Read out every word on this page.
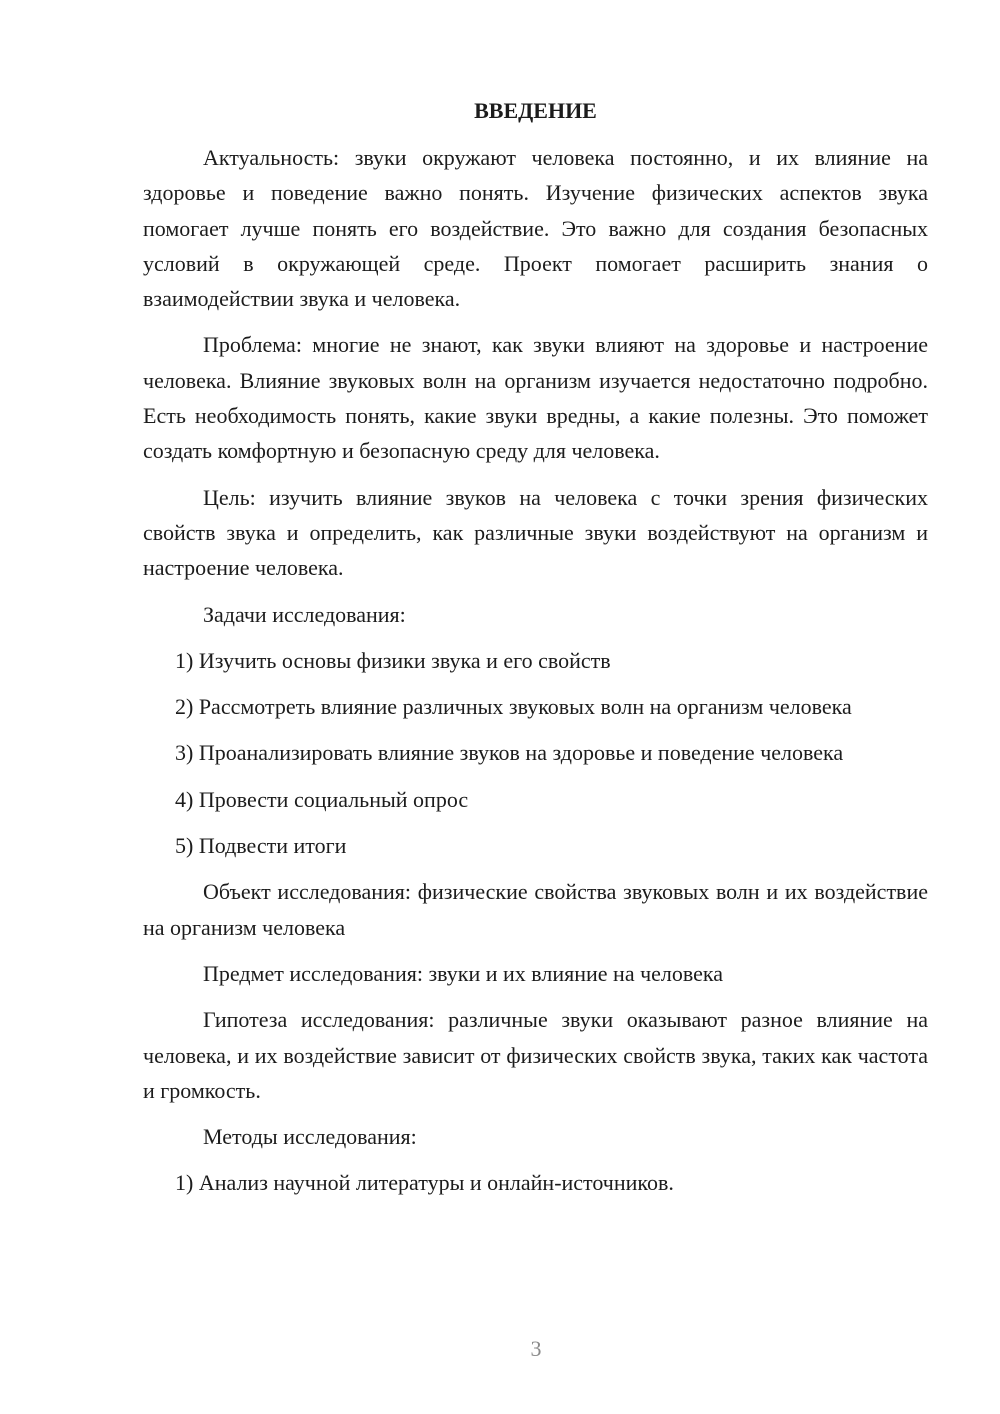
ВВЕДЕНИЕ

Актуальность: звуки окружают человека постоянно, и их влияние на здоровье и поведение важно понять. Изучение физических аспектов звука помогает лучше понять его воздействие. Это важно для создания безопасных условий в окружающей среде. Проект помогает расширить знания о взаимодействии звука и человека.

Проблема: многие не знают, как звуки влияют на здоровье и настроение человека. Влияние звуковых волн на организм изучается недостаточно подробно. Есть необходимость понять, какие звуки вредны, а какие полезны. Это поможет создать комфортную и безопасную среду для человека.

Цель: изучить влияние звуков на человека с точки зрения физических свойств звука и определить, как различные звуки воздействуют на организм и настроение человека.

Задачи исследования:

1) Изучить основы физики звука и его свойств

2) Рассмотреть влияние различных звуковых волн на организм человека

3) Проанализировать влияние звуков на здоровье и поведение человека

4) Провести социальный опрос

5) Подвести итоги

Объект исследования: физические свойства звуковых волн и их воздействие на организм человека

Предмет исследования: звуки и их влияние на человека

Гипотеза исследования: различные звуки оказывают разное влияние на человека, и их воздействие зависит от физических свойств звука, таких как частота и громкость.

Методы исследования:

1) Анализ научной литературы и онлайн-источников.

3
